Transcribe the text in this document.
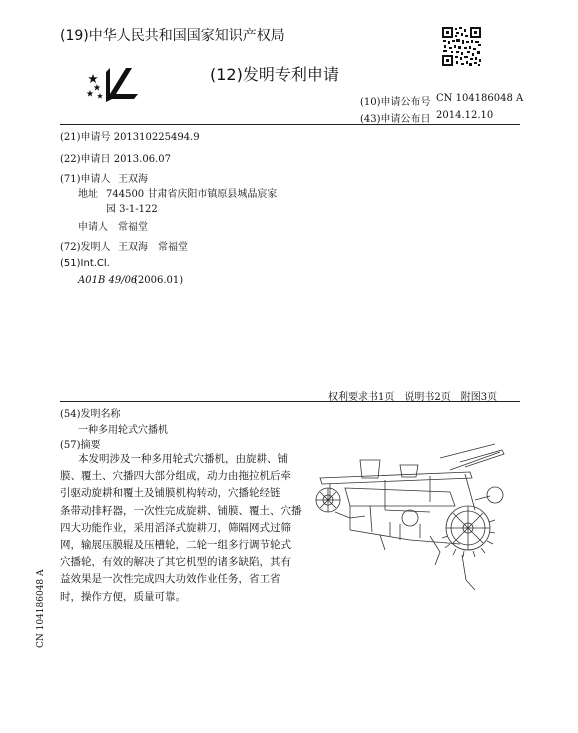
(19)中华人民共和国国家知识产权局
(12)发明专利申请
(10)申请公布号 CN 104186048 A
(43)申请公布日 2014.12.10
(21)申请号 201310225494.9
(22)申请日 2013.06.07
(71)申请人 王双海
地址 744500 甘肃省庆阳市镇原县城晶宸家
园 3-1-122
申请人 常福堂
(72)发明人 王双海　常福堂
(51)Int.Cl.
A01B 49/06
(2006.01)
权利要求书1页　说明书2页　附图3页
(54)发明名称
一种多用轮式穴播机
(57)摘要
本发明涉及一种多用轮式穴播机，由旋耕、铺
膜、覆土、穴播四大部分组成，动力由拖拉机后牵
引驱动旋耕和覆土及铺膜机构转动，穴播轮经链
条带动排籽器，一次性完成旋耕、铺膜、覆土、穴播
四大功能作业，采用滔泽式旋耕刀，筛隔网式过筛
网，输展压膜辊及压槽轮，二轮一组多行调节轮式
穴播轮，有效的解决了其它机型的诸多缺陷，其有
益效果是一次性完成四大功效作业任务，省工省
时，操作方便，质量可靠。
CN 104186048 A
